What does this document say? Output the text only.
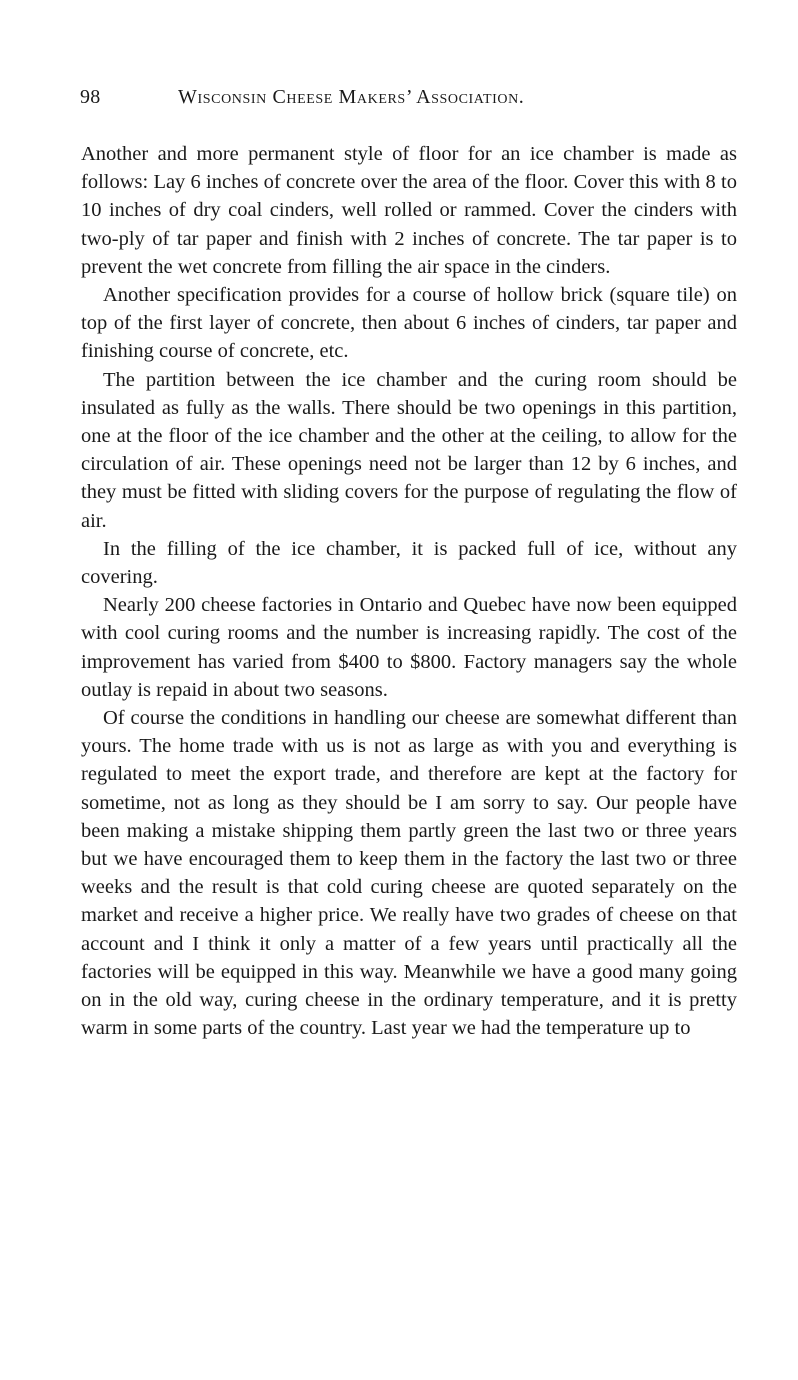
98	Wisconsin Cheese Makers’ Association.

Another and more permanent style of floor for an ice chamber is made as follows: Lay 6 inches of concrete over the area of the floor. Cover this with 8 to 10 inches of dry coal cinders, well rolled or rammed. Cover the cinders with two-ply of tar paper and finish with 2 inches of concrete. The tar paper is to prevent the wet concrete from filling the air space in the cinders.

Another specification provides for a course of hollow brick (square tile) on top of the first layer of concrete, then about 6 inches of cinders, tar paper and finishing course of concrete, etc.

The partition between the ice chamber and the curing room should be insulated as fully as the walls. There should be two openings in this partition, one at the floor of the ice chamber and the other at the ceiling, to allow for the circulation of air. These openings need not be larger than 12 by 6 inches, and they must be fitted with sliding covers for the purpose of regulating the flow of air.

In the filling of the ice chamber, it is packed full of ice, without any covering.

Nearly 200 cheese factories in Ontario and Quebec have now been equipped with cool curing rooms and the number is increasing rapidly. The cost of the improvement has varied from $400 to $800. Factory managers say the whole outlay is repaid in about two seasons.

Of course the conditions in handling our cheese are somewhat different than yours. The home trade with us is not as large as with you and everything is regulated to meet the export trade, and therefore are kept at the factory for sometime, not as long as they should be I am sorry to say. Our people have been making a mistake shipping them partly green the last two or three years but we have encouraged them to keep them in the factory the last two or three weeks and the result is that cold curing cheese are quoted separately on the market and receive a higher price. We really have two grades of cheese on that account and I think it only a matter of a few years until practically all the factories will be equipped in this way. Meanwhile we have a good many going on in the old way, curing cheese in the ordinary temperature, and it is pretty warm in some parts of the country. Last year we had the temperature up to
